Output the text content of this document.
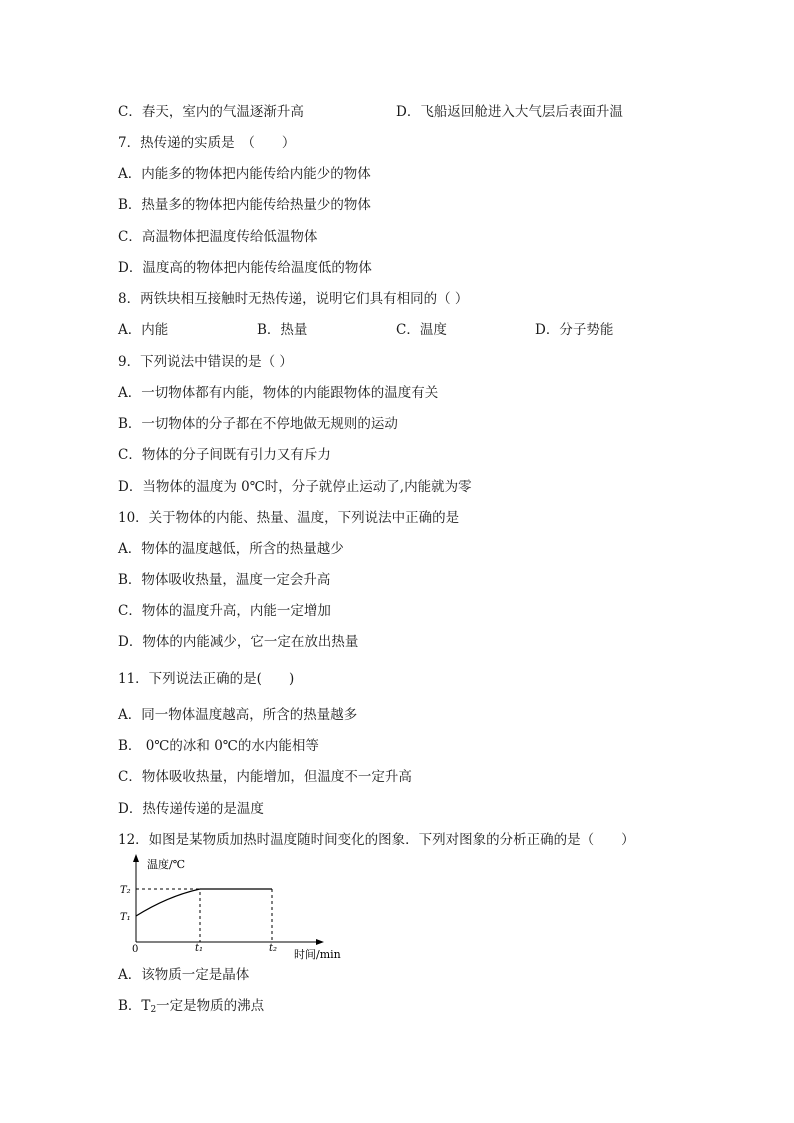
C．春天，室内的气温逐渐升高	D．飞船返回舱进入大气层后表面升温
7．热传递的实质是　（　　）
A．内能多的物体把内能传给内能少的物体
B．热量多的物体把内能传给热量少的物体
C．高温物体把温度传给低温物体
D．温度高的物体把内能传给温度低的物体
8．两铁块相互接触时无热传递，说明它们具有相同的（ ）
A．内能	B．热量	C．温度	D．分子势能
9．下列说法中错误的是（ ）
A．一切物体都有内能，物体的内能跟物体的温度有关
B．一切物体的分子都在不停地做无规则的运动
C．物体的分子间既有引力又有斥力
D．当物体的温度为 0℃时，分子就停止运动了,内能就为零
10．关于物体的内能、热量、温度，下列说法中正确的是
A．物体的温度越低，所含的热量越少
B．物体吸收热量，温度一定会升高
C．物体的温度升高，内能一定增加
D．物体的内能减少，它一定在放出热量
11．下列说法正确的是(　　)
A．同一物体温度越高，所含的热量越多
B． 0℃的冰和 0℃的水内能相等
C．物体吸收热量，内能增加，但温度不一定升高
D．热传递传递的是温度
12．如图是某物质加热时温度随时间变化的图象．下列对图象的分析正确的是（　　）
温度/℃
时间/min
0
T₂
T₁
t₁	t₂
A．该物质一定是晶体
B．$T_2$一定是物质的沸点
